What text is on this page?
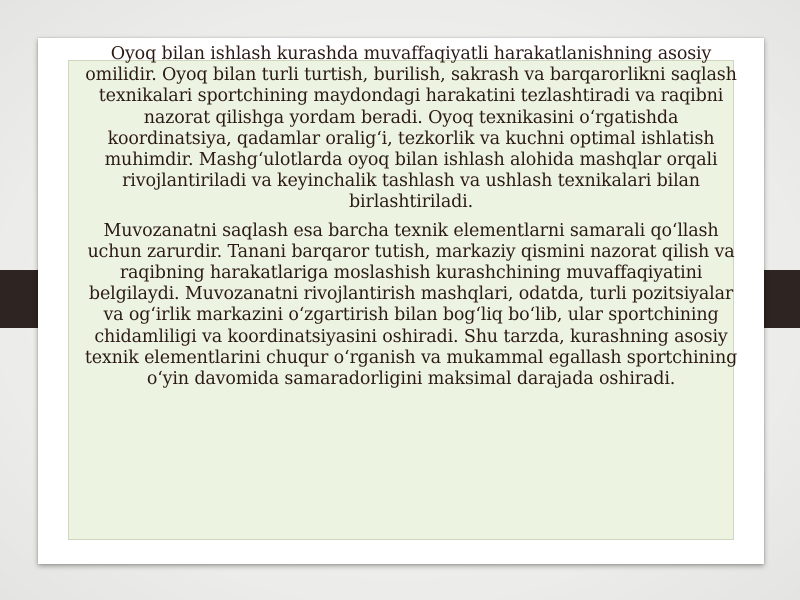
Oyoq bilan ishlash kurashda muvaffaqiyatli harakatlanishning asosiy omilidir. Oyoq bilan turli turtish, burilish, sakrash va barqarorlikni saqlash texnikalari sportchining maydondagi harakatini tezlashtiradi va raqibni nazorat qilishga yordam beradi. Oyoq texnikasini o‘rgatishda koordinatsiya, qadamlar oralig‘i, tezkorlik va kuchni optimal ishlatish muhimdir. Mashg‘ulotlarda oyoq bilan ishlash alohida mashqlar orqali rivojlantiriladi va keyinchalik tashlash va ushlash texnikalari bilan birlashtiriladi.

Muvozanatni saqlash esa barcha texnik elementlarni samarali qo‘llash uchun zarurdir. Tanani barqaror tutish, markaziy qismini nazorat qilish va raqibning harakatlariga moslashish kurashchining muvaffaqiyatini belgilaydi. Muvozanatni rivojlantirish mashqlari, odatda, turli pozitsiyalar va og‘irlik markazini o‘zgartirish bilan bog‘liq bo‘lib, ular sportchining chidamliligi va koordinatsiyasini oshiradi. Shu tarzda, kurashning asosiy texnik elementlarini chuqur o‘rganish va mukammal egallash sportchining o‘yin davomida samaradorligini maksimal darajada oshiradi.
